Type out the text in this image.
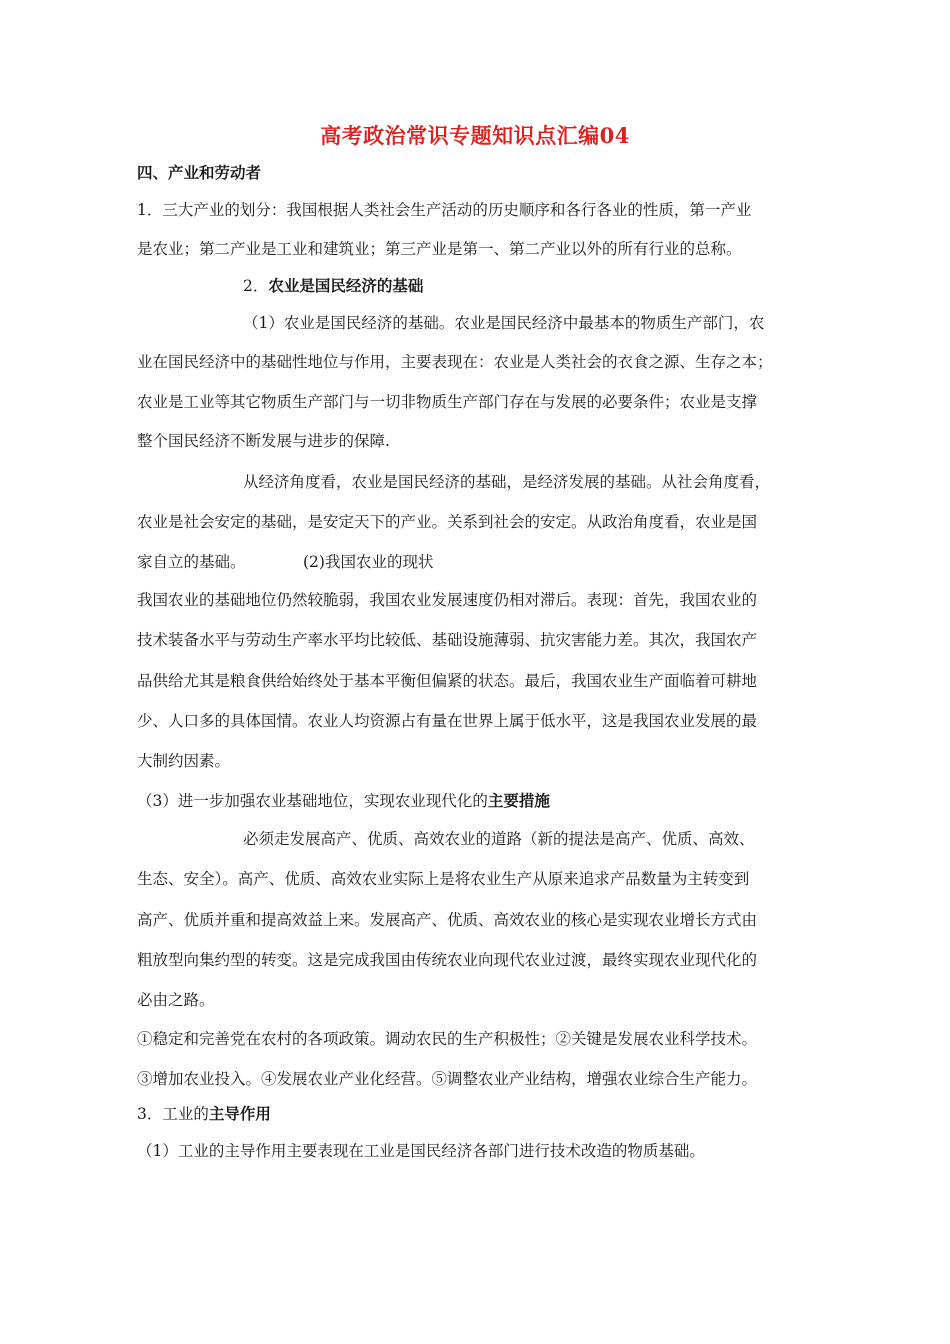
高考政治常识专题知识点汇编04
四、产业和劳动者
1．三大产业的划分：我国根据人类社会生产活动的历史顺序和各行各业的性质，第一产业
是农业；第二产业是工业和建筑业；第三产业是第一、第二产业以外的所有行业的总称。
2．农业是国民经济的基础
（1）农业是国民经济的基础。农业是国民经济中最基本的物质生产部门，农
业在国民经济中的基础性地位与作用，主要表现在：农业是人类社会的衣食之源、生存之本；
农业是工业等其它物质生产部门与一切非物质生产部门存在与发展的必要条件；农业是支撑
整个国民经济不断发展与进步的保障.
从经济角度看，农业是国民经济的基础，是经济发展的基础。从社会角度看，
农业是社会安定的基础，是安定天下的产业。关系到社会的安定。从政治角度看，农业是国
家自立的基础。	(2)我国农业的现状
我国农业的基础地位仍然较脆弱，我国农业发展速度仍相对滞后。表现：首先，我国农业的
技术装备水平与劳动生产率水平均比较低、基础设施薄弱、抗灾害能力差。其次，我国农产
品供给尤其是粮食供给始终处于基本平衡但偏紧的状态。最后，我国农业生产面临着可耕地
少、人口多的具体国情。农业人均资源占有量在世界上属于低水平，这是我国农业发展的最
大制约因素。
（3）进一步加强农业基础地位，实现农业现代化的主要措施
必须走发展高产、优质、高效农业的道路（新的提法是高产、优质、高效、
生态、安全）。高产、优质、高效农业实际上是将农业生产从原来追求产品数量为主转变到
高产、优质并重和提高效益上来。发展高产、优质、高效农业的核心是实现农业增长方式由
粗放型向集约型的转变。这是完成我国由传统农业向现代农业过渡，最终实现农业现代化的
必由之路。
①稳定和完善党在农村的各项政策。调动农民的生产积极性；②关键是发展农业科学技术。
③增加农业投入。④发展农业产业化经营。⑤调整农业产业结构，增强农业综合生产能力。
3．工业的主导作用
（1）工业的主导作用主要表现在工业是国民经济各部门进行技术改造的物质基础。
